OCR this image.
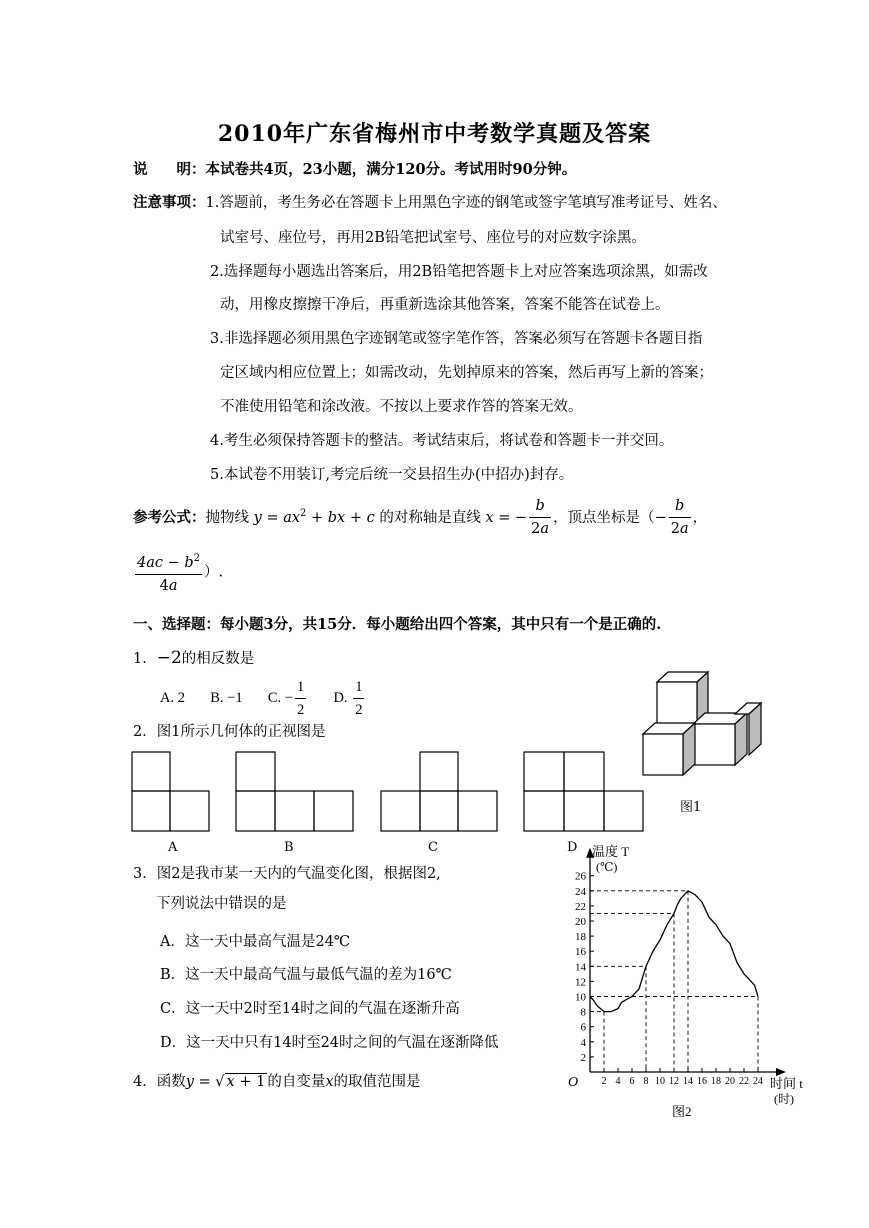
2010年广东省梅州市中考数学真题及答案
说　　明：本试卷共4页，23小题，满分120分。考试用时90分钟。
注意事项：1.答题前，考生务必在答题卡上用黑色字迹的钢笔或签字笔填写准考证号、姓名、
试室号、座位号，再用2B铅笔把试室号、座位号的对应数字涂黑。
2.选择题每小题选出答案后，用2B铅笔把答题卡上对应答案选项涂黑，如需改
动，用橡皮擦擦干净后，再重新选涂其他答案，答案不能答在试卷上。
3.非选择题必须用黑色字迹钢笔或签字笔作答，答案必须写在答题卡各题目指
定区域内相应位置上；如需改动，先划掉原来的答案，然后再写上新的答案；
不准使用铅笔和涂改液。不按以上要求作答的答案无效。
4.考生必须保持答题卡的整洁。考试结束后，将试卷和答题卡一并交回。
5.本试卷不用装订,考完后统一交县招生办(中招办)封存。
参考公式：抛物线 $y = ax^2$ + bx + c 的对称轴是直线 x = − $\frac{b}{2a}$ ，顶点坐标是（− $\frac{b}{2a}$ ，
$\frac{4ac - b^2}{4a}$ ）.
一、选择题：每小题3分，共15分．每小题给出四个答案，其中只有一个是正确的.
1．−2的相反数是
A. 2 B. −1 C. − $\frac{1}{2} D$. $\frac{1}{2}$
2．图1所示几何体的正视图是
A	B	C	D
图1
3．图2是我市某一天内的气温变化图，根据图2,
下列说法中错误的是
A．这一天中最高气温是24℃
B．这一天中最高气温与最低气温的差为16℃
C．这一天中2时至14时之间的气温在逐渐升高
D．这一天中只有14时至24时之间的气温在逐渐降低
4．函数y = √ x + 1 的自变量x的取值范围是	2 4 6 8 10 12 14 16 18 20 22 24
2
4
6
8
10
12
14
16
18
20
22
24
26
温度 T
(℃)
时间 t
(时)
O
图2
